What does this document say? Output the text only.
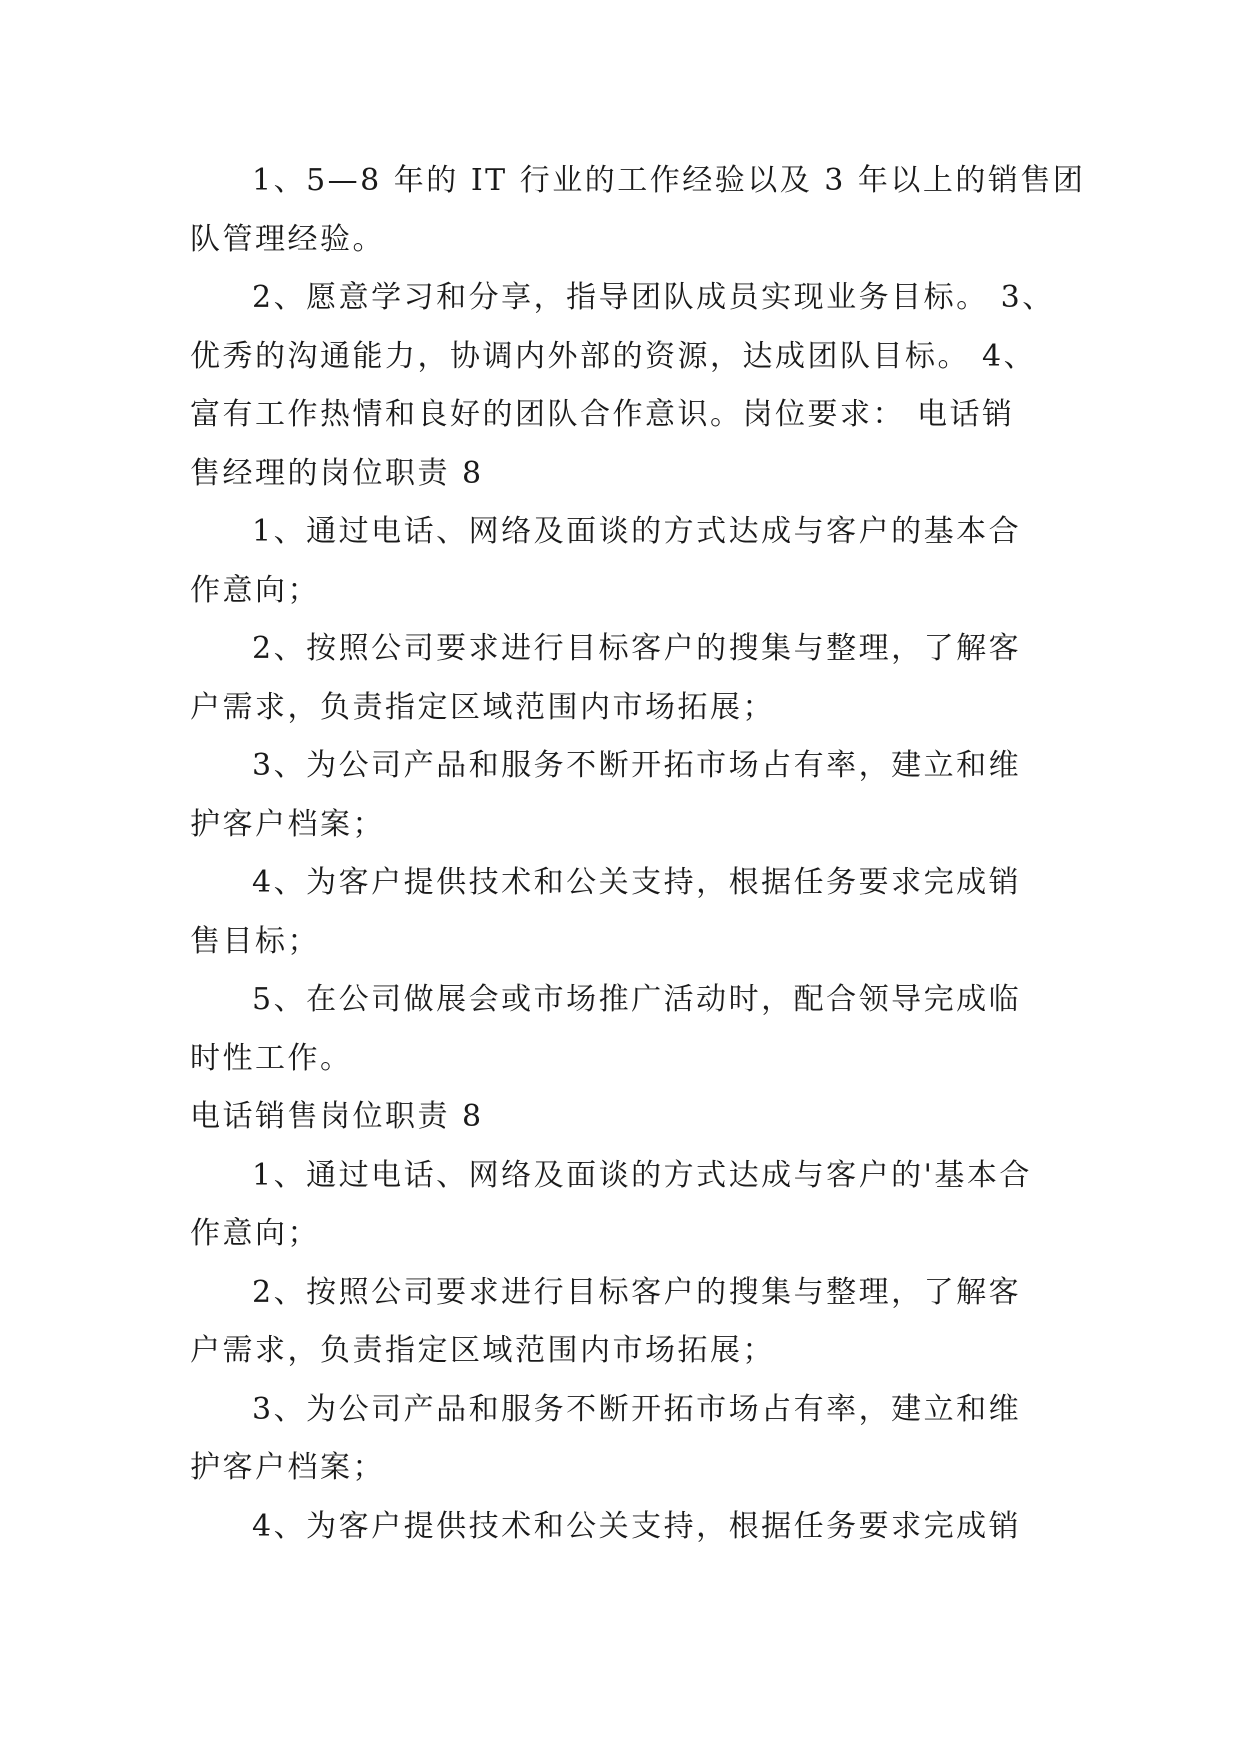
1、5—8 年的 IT 行业的工作经验以及 3 年以上的销售团

队管理经验。

2、愿意学习和分享，指导团队成员实现业务目标。 3、

优秀的沟通能力，协调内外部的资源，达成团队目标。 4、

富有工作热情和良好的团队合作意识。岗位要求： 电话销

售经理的岗位职责 8

1、通过电话、网络及面谈的方式达成与客户的基本合

作意向；

2、按照公司要求进行目标客户的搜集与整理，了解客

户需求，负责指定区域范围内市场拓展；

3、为公司产品和服务不断开拓市场占有率，建立和维

护客户档案；

4、为客户提供技术和公关支持，根据任务要求完成销

售目标；

5、在公司做展会或市场推广活动时，配合领导完成临

时性工作。

电话销售岗位职责 8

1、通过电话、网络及面谈的方式达成与客户的'基本合

作意向；

2、按照公司要求进行目标客户的搜集与整理，了解客

户需求，负责指定区域范围内市场拓展；

3、为公司产品和服务不断开拓市场占有率，建立和维

护客户档案；

4、为客户提供技术和公关支持，根据任务要求完成销
